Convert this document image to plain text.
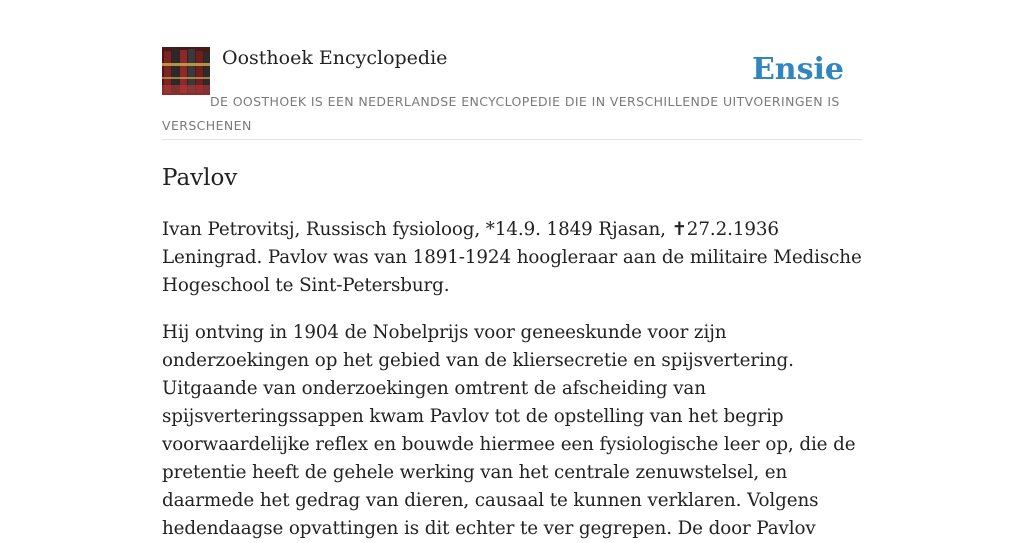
Oosthoek Encyclopedie	Ensie
DE OOSTHOEK IS EEN NEDERLANDSE ENCYCLOPEDIE DIE IN VERSCHILLENDE UITVOERINGEN IS VERSCHENEN
Pavlov

Ivan Petrovitsj, Russisch fysioloog, *14.9. 1849 Rjasan, ✝27.2.1936 Leningrad. Pavlov was van 1891-1924 hoogleraar aan de militaire Medische Hogeschool te Sint-Petersburg.

Hij ontving in 1904 de Nobelprijs voor geneeskunde voor zijn onderzoekingen op het gebied van de kliersecretie en spijsvertering. Uitgaande van onderzoekingen omtrent de afscheiding van spijsverteringssappen kwam Pavlov tot de opstelling van het begrip voorwaardelijke reflex en bouwde hiermee een fysiologische leer op, die de pretentie heeft de gehele werking van het centrale zenuwstelsel, en daarmede het gedrag van dieren, causaal te kunnen verklaren. Volgens hedendaagse opvattingen is dit echter te ver gegrepen. De door Pavlov
